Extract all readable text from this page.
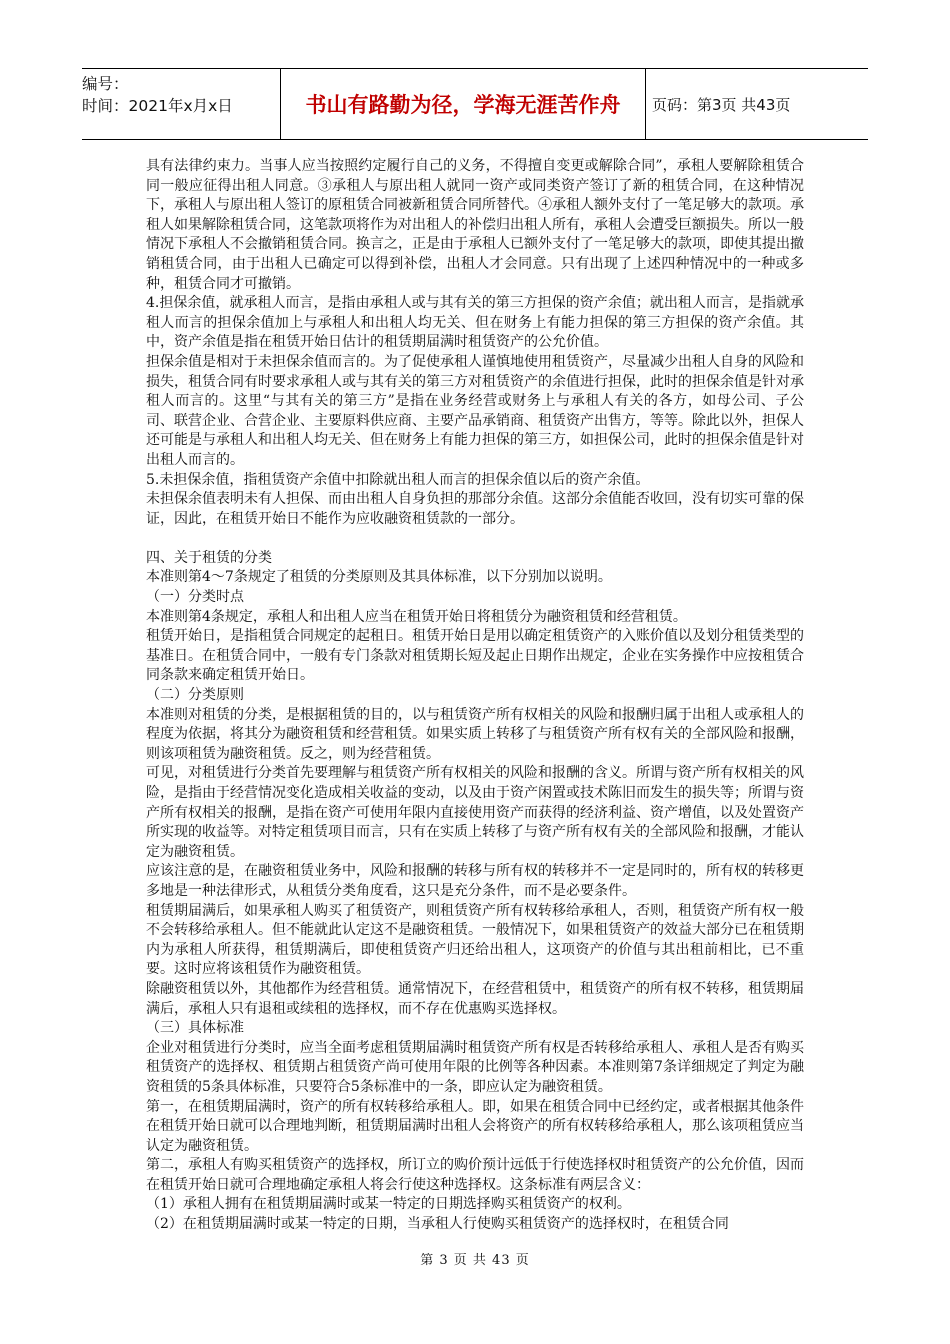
编号：
时间：2021年x月x日	书山有路勤为径，学海无涯苦作舟	页码：第3页 共43页

具有法律约束力。当事人应当按照约定履行自己的义务，不得擅自变更或解除合同”，承租人要解除租赁合同一般应征得出租人同意。③承租人与原出租人就同一资产或同类资产签订了新的租赁合同，在这种情况下，承租人与原出租人签订的原租赁合同被新租赁合同所替代。④承租人额外支付了一笔足够大的款项。承租人如果解除租赁合同，这笔款项将作为对出租人的补偿归出租人所有，承租人会遭受巨额损失。所以一般情况下承租人不会撤销租赁合同。换言之，正是由于承租人已额外支付了一笔足够大的款项，即使其提出撤销租赁合同，由于出租人已确定可以得到补偿，出租人才会同意。只有出现了上述四种情况中的一种或多种，租赁合同才可撤销。

4.担保余值，就承租人而言，是指由承租人或与其有关的第三方担保的资产余值；就出租人而言，是指就承租人而言的担保余值加上与承租人和出租人均无关、但在财务上有能力担保的第三方担保的资产余值。其中，资产余值是指在租赁开始日估计的租赁期届满时租赁资产的公允价值。

担保余值是相对于未担保余值而言的。为了促使承租人谨慎地使用租赁资产，尽量减少出租人自身的风险和损失，租赁合同有时要求承租人或与其有关的第三方对租赁资产的余值进行担保，此时的担保余值是针对承租人而言的。这里“与其有关的第三方”是指在业务经营或财务上与承租人有关的各方，如母公司、子公司、联营企业、合营企业、主要原料供应商、主要产品承销商、租赁资产出售方，等等。除此以外，担保人还可能是与承租人和出租人均无关、但在财务上有能力担保的第三方，如担保公司，此时的担保余值是针对出租人而言的。

5.未担保余值，指租赁资产余值中扣除就出租人而言的担保余值以后的资产余值。

未担保余值表明未有人担保、而由出租人自身负担的那部分余值。这部分余值能否收回，没有切实可靠的保证，因此，在租赁开始日不能作为应收融资租赁款的一部分。

四、关于租赁的分类

本准则第4～7条规定了租赁的分类原则及其具体标准，以下分别加以说明。

（一）分类时点

本准则第4条规定，承租人和出租人应当在租赁开始日将租赁分为融资租赁和经营租赁。

租赁开始日，是指租赁合同规定的起租日。租赁开始日是用以确定租赁资产的入账价值以及划分租赁类型的基准日。在租赁合同中，一般有专门条款对租赁期长短及起止日期作出规定，企业在实务操作中应按租赁合同条款来确定租赁开始日。

（二）分类原则

本准则对租赁的分类，是根据租赁的目的，以与租赁资产所有权相关的风险和报酬归属于出租人或承租人的程度为依据，将其分为融资租赁和经营租赁。如果实质上转移了与租赁资产所有权有关的全部风险和报酬，则该项租赁为融资租赁。反之，则为经营租赁。

可见，对租赁进行分类首先要理解与租赁资产所有权相关的风险和报酬的含义。所谓与资产所有权相关的风险，是指由于经营情况变化造成相关收益的变动，以及由于资产闲置或技术陈旧而发生的损失等；所谓与资产所有权相关的报酬，是指在资产可使用年限内直接使用资产而获得的经济利益、资产增值，以及处置资产所实现的收益等。对特定租赁项目而言，只有在实质上转移了与资产所有权有关的全部风险和报酬，才能认定为融资租赁。

应该注意的是，在融资租赁业务中，风险和报酬的转移与所有权的转移并不一定是同时的，所有权的转移更多地是一种法律形式，从租赁分类角度看，这只是充分条件，而不是必要条件。

租赁期届满后，如果承租人购买了租赁资产，则租赁资产所有权转移给承租人，否则，租赁资产所有权一般不会转移给承租人。但不能就此认定这不是融资租赁。一般情况下，如果租赁资产的效益大部分已在租赁期内为承租人所获得，租赁期满后，即使租赁资产归还给出租人，这项资产的价值与其出租前相比，已不重要。这时应将该租赁作为融资租赁。

除融资租赁以外，其他都作为经营租赁。通常情况下，在经营租赁中，租赁资产的所有权不转移，租赁期届满后，承租人只有退租或续租的选择权，而不存在优惠购买选择权。

（三）具体标准

企业对租赁进行分类时，应当全面考虑租赁期届满时租赁资产所有权是否转移给承租人、承租人是否有购买租赁资产的选择权、租赁期占租赁资产尚可使用年限的比例等各种因素。本准则第7条详细规定了判定为融资租赁的5条具体标准，只要符合5条标准中的一条，即应认定为融资租赁。

第一，在租赁期届满时，资产的所有权转移给承租人。即，如果在租赁合同中已经约定，或者根据其他条件在租赁开始日就可以合理地判断，租赁期届满时出租人会将资产的所有权转移给承租人，那么该项租赁应当认定为融资租赁。

第二，承租人有购买租赁资产的选择权，所订立的购价预计远低于行使选择权时租赁资产的公允价值，因而在租赁开始日就可合理地确定承租人将会行使这种选择权。这条标准有两层含义：

（1）承租人拥有在租赁期届满时或某一特定的日期选择购买租赁资产的权利。

（2）在租赁期届满时或某一特定的日期，当承租人行使购买租赁资产的选择权时，在租赁合同

第 3 页 共 43 页
